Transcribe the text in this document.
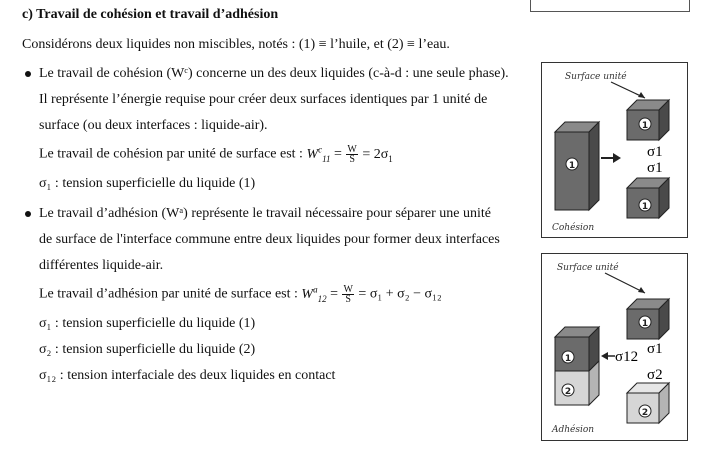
c) Travail de cohésion et travail d’adhésion
Considérons deux liquides non miscibles, notés : (1) ≡ l’huile, et (2) ≡ l’eau.
Le travail de cohésion (Wᶜ) concerne un des deux liquides (c-à-d : une seule phase).
Il représente l’énergie requise pour créer deux surfaces identiques par 1 unité de
surface (ou deux interfaces : liquide-air).
Le travail de cohésion par unité de surface est : $W^c_{11} = \frac{W}{S} = 2\sigma_1$
σ₁ : tension superficielle du liquide (1)
Le travail d’adhésion (Wᵃ) représente le travail nécessaire pour séparer une unité
de surface de l'interface commune entre deux liquides pour former deux interfaces
différentes liquide-air.
Le travail d’adhésion par unité de surface est : $W^a_{12} = \frac{W}{S} = \sigma_1 + \sigma_2 - \sigma_{12}$
σ₁ : tension superficielle du liquide (1)
σ₂ : tension superficielle du liquide (2)
σ₁₂ : tension interfaciale des deux liquides en contact
Surface unité
1
1
σ1
σ1
1
Cohésion
Surface unité
1
2
σ12
1
σ1
σ2
2
Adhésion
